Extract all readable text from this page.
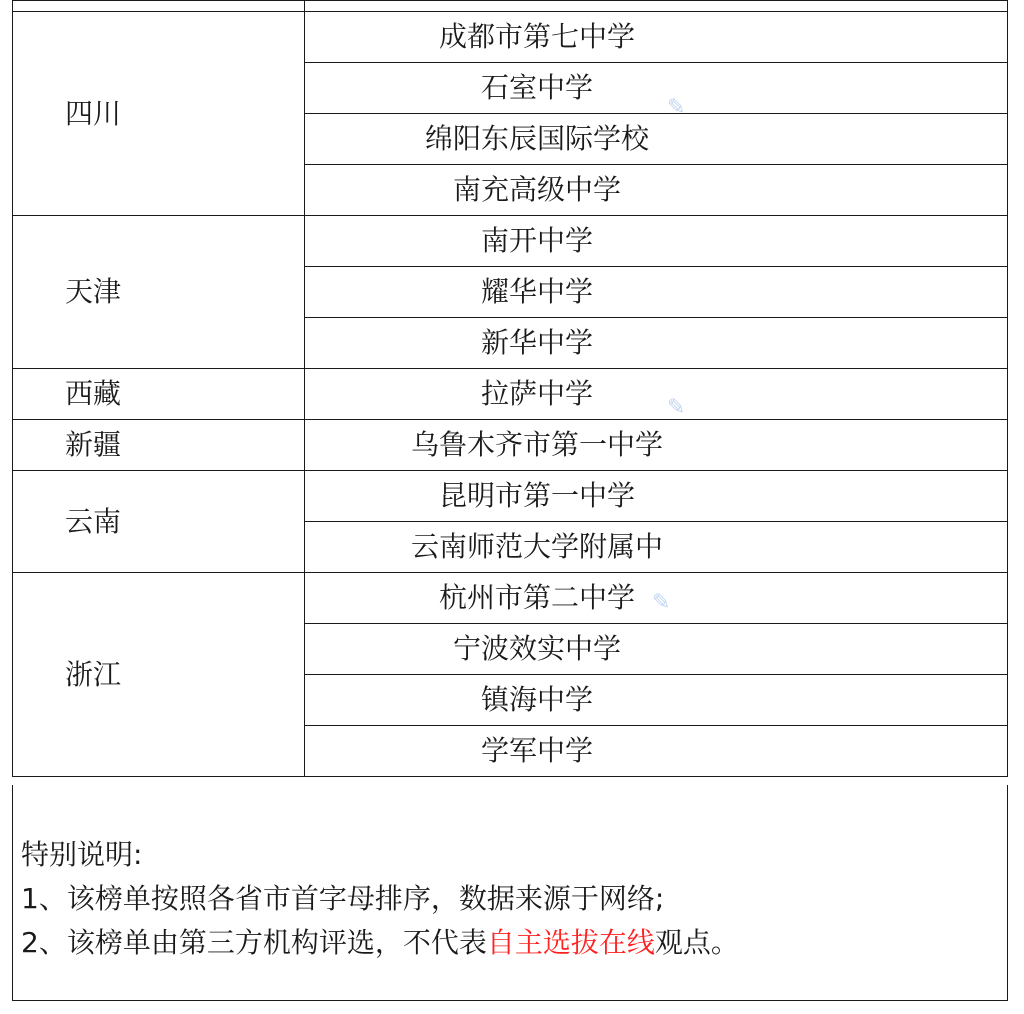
四川	成都市第七中学

	石室中学

	绵阳东辰国际学校

	南充高级中学

天津	南开中学

	耀华中学

	新华中学

西藏	拉萨中学

新疆	乌鲁木齐市第一中学

云南	昆明市第一中学

	云南师范大学附属中

浙江	杭州市第二中学

	宁波效实中学

	镇海中学

	学军中学
特别说明:
1、该榜单按照各省市首字母排序，数据来源于网络;
2、该榜单由第三方机构评选，不代表自主选拔在线观点。
✎
✎
✎
